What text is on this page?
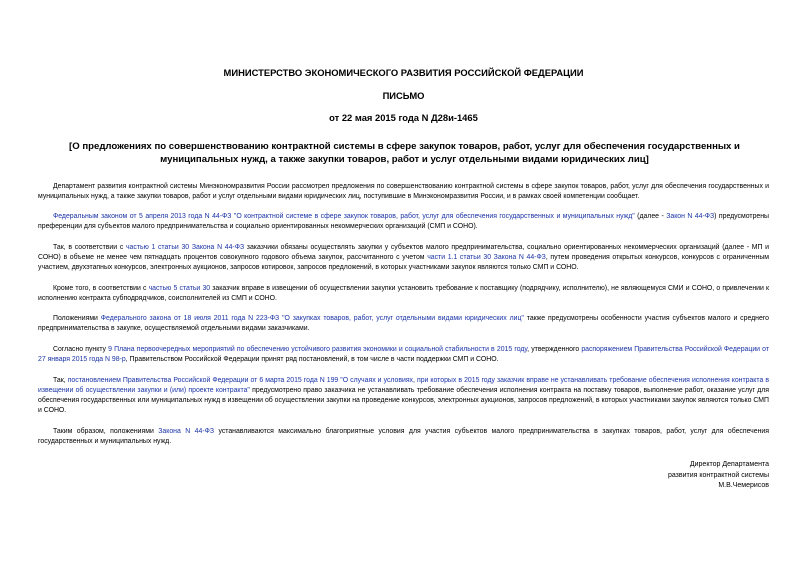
МИНИСТЕРСТВО ЭКОНОМИЧЕСКОГО РАЗВИТИЯ РОССИЙСКОЙ ФЕДЕРАЦИИ
ПИСЬМО
от 22 мая 2015 года N Д28и-1465
[О предложениях по совершенствованию контрактной системы в сфере закупок товаров, работ, услуг для обеспечения государственных и муниципальных нужд, а также закупки товаров, работ и услуг отдельными видами юридических лиц]

Департамент развития контрактной системы Минэкономразвития России рассмотрел предложения по совершенствованию контрактной системы в сфере закупок товаров, работ, услуг для обеспечения государственных и муниципальных нужд, а также закупки товаров, работ и услуг отдельными видами юридических лиц, поступившие в Минэкономразвития России, и в рамках своей компетенции сообщает.

Федеральным законом от 5 апреля 2013 года N 44-ФЗ "О контрактной системе в сфере закупок товаров, работ, услуг для обеспечения государственных и муниципальных нужд" (далее - Закон N 44-ФЗ) предусмотрены преференции для субъектов малого предпринимательства и социально ориентированных некоммерческих организаций (СМП и СОНО).

Так, в соответствии с частью 1 статьи 30 Закона N 44-ФЗ заказчики обязаны осуществлять закупки у субъектов малого предпринимательства, социально ориентированных некоммерческих организаций (далее - МП и СОНО) в объеме не менее чем пятнадцать процентов совокупного годового объема закупок, рассчитанного с учетом части 1.1 статьи 30 Закона N 44-ФЗ, путем проведения открытых конкурсов, конкурсов с ограниченным участием, двухэтапных конкурсов, электронных аукционов, запросов котировок, запросов предложений, в которых участниками закупок являются только СМП и СОНО.

Кроме того, в соответствии с частью 5 статьи 30 заказчик вправе в извещении об осуществлении закупки установить требование к поставщику (подрядчику, исполнителю), не являющемуся СМИ и СОНО, о привлечении к исполнению контракта субподрядчиков, соисполнителей из СМП и СОНО.

Положениями Федерального закона от 18 июля 2011 года N 223-ФЗ "О закупках товаров, работ, услуг отдельными видами юридических лиц" также предусмотрены особенности участия субъектов малого и среднего предпринимательства в закупке, осуществляемой отдельными видами заказчиками.

Согласно пункту 9 Плана первоочередных мероприятий по обеспечению устойчивого развития экономики и социальной стабильности в 2015 году, утвержденного распоряжением Правительства Российской Федерации от 27 января 2015 года N 98-р, Правительством Российской Федерации принят ряд постановлений, в том числе в части поддержки СМП и СОНО.

Так, постановлением Правительства Российской Федерации от 6 марта 2015 года N 199 "О случаях и условиях, при которых в 2015 году заказчик вправе не устанавливать требование обеспечения исполнения контракта в извещении об осуществлении закупки и (или) проекте контракта" предусмотрено право заказчика не устанавливать требование обеспечения исполнения контракта на поставку товаров, выполнение работ, оказание услуг для обеспечения государственных или муниципальных нужд в извещении об осуществлении закупки на проведение конкурсов, электронных аукционов, запросов предложений, в которых участниками закупок являются только СМП и СОНО.

Таким образом, положениями Закона N 44-ФЗ устанавливаются максимально благоприятные условия для участия субъектов малого предпринимательства в закупках товаров, работ, услуг для обеспечения государственных и муниципальных нужд.

Директор Департамента
развития контрактной системы
М.В.Чемерисов
